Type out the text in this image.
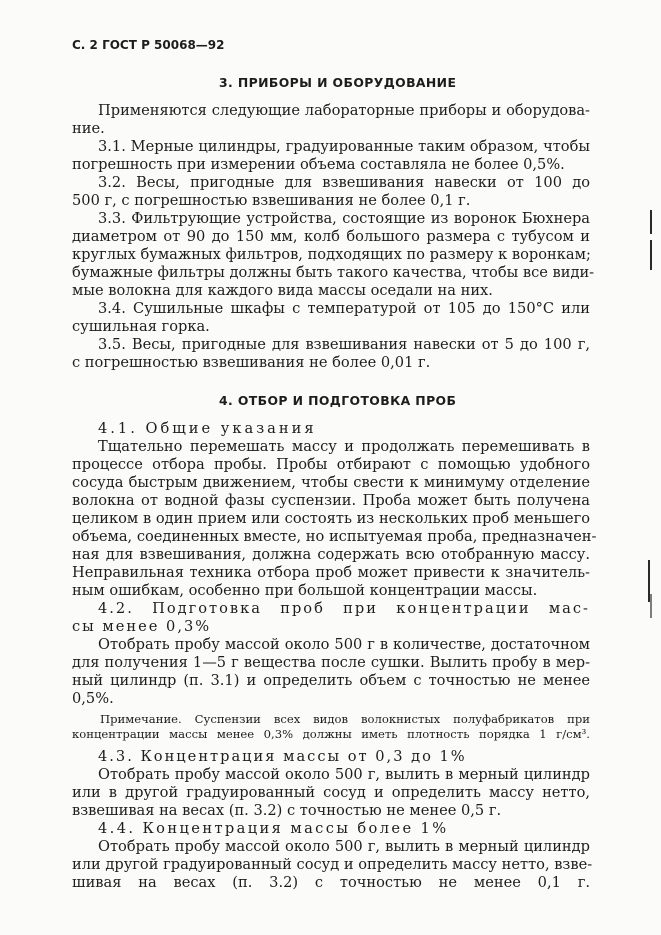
С. 2 ГОСТ Р 50068—92
3. ПРИБОРЫ И ОБОРУДОВАНИЕ
Применяются следующие лабораторные приборы и оборудова-
ние.
3.1. Мерные цилиндры, градуированные таким образом, чтобы
погрешность при измерении объема составляла не более 0,5%.
3.2. Весы, пригодные для взвешивания навески от 100 до
500 г, с погрешностью взвешивания не более 0,1 г.
3.3. Фильтрующие устройства, состоящие из воронок Бюхнера
диаметром от 90 до 150 мм, колб большого размера с тубусом и
круглых бумажных фильтров, подходящих по размеру к воронкам;
бумажные фильтры должны быть такого качества, чтобы все види-
мые волокна для каждого вида массы оседали на них.
3.4. Сушильные шкафы с температурой от 105 до 150°C или
сушильная горка.
3.5. Весы, пригодные для взвешивания навески от 5 до 100 г,
с погрешностью взвешивания не более 0,01 г.
4. ОТБОР И ПОДГОТОВКА ПРОБ
4.1. Общие указания
Тщательно перемешать массу и продолжать перемешивать в
процессе отбора пробы. Пробы отбирают с помощью удобного
сосуда быстрым движением, чтобы свести к минимуму отделение
волокна от водной фазы суспензии. Проба может быть получена
целиком в один прием или состоять из нескольких проб меньшего
объема, соединенных вместе, но испытуемая проба, предназначен-
ная для взвешивания, должна содержать всю отобранную массу.
Неправильная техника отбора проб может привести к значитель-
ным ошибкам, особенно при большой концентрации массы.
4.2. Подготовка проб при концентрации мас-
сы менее 0,3%
Отобрать пробу массой около 500 г в количестве, достаточном
для получения 1—5 г вещества после сушки. Вылить пробу в мер-
ный цилиндр (п. 3.1) и определить объем с точностью не менее
0,5%.
Примечание. Суспензии всех видов волокнистых полуфабрикатов при
концентрации массы менее 0,3% должны иметь плотность порядка 1 г/см³.
4.3. Концентрация массы от 0,3 до 1%
Отобрать пробу массой около 500 г, вылить в мерный цилиндр
или в другой градуированный сосуд и определить массу нетто,
взвешивая на весах (п. 3.2) с точностью не менее 0,5 г.
4.4. Концентрация массы более 1%
Отобрать пробу массой около 500 г, вылить в мерный цилиндр
или другой градуированный сосуд и определить массу нетто, взве-
шивая на весах (п. 3.2) с точностью не менее 0,1 г.
